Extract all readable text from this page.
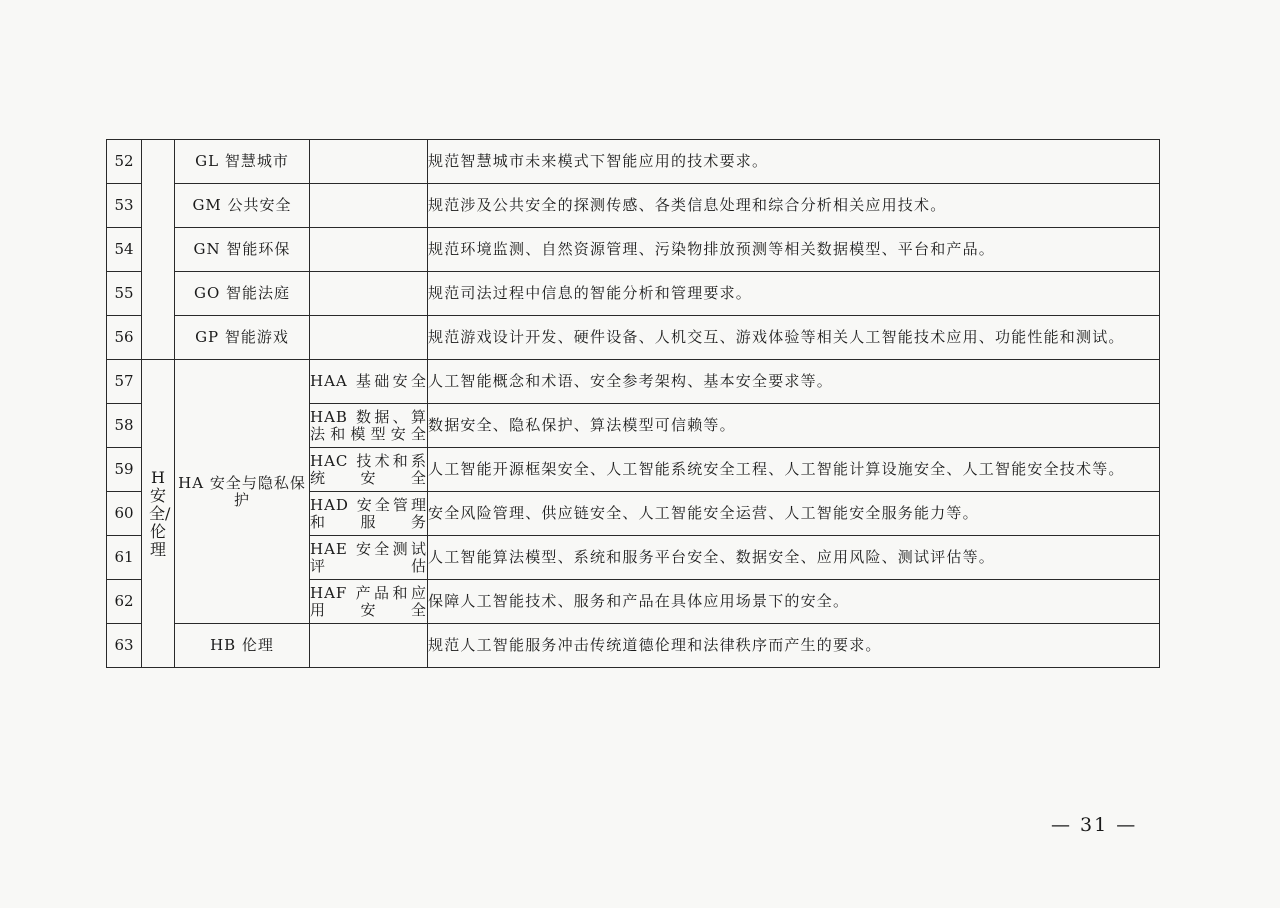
52		GL 智慧城市		规范智慧城市未来模式下智能应用的技术要求。
53		GM 公共安全		规范涉及公共安全的探测传感、各类信息处理和综合分析相关应用技术。
54		GN 智能环保		规范环境监测、自然资源管理、污染物排放预测等相关数据模型、平台和产品。
55		GO 智能法庭		规范司法过程中信息的智能分析和管理要求。
56		GP 智能游戏		规范游戏设计开发、硬件设备、人机交互、游戏体验等相关人工智能技术应用、功能性能和测试。
57	H安全/伦理	HA 安全与隐私保护	HAA 基础安全	人工智能概念和术语、安全参考架构、基本安全要求等。
58			HAB 数据、算法和模型安全	数据安全、隐私保护、算法模型可信赖等。
59			HAC 技术和系统安全	人工智能开源框架安全、人工智能系统安全工程、人工智能计算设施安全、人工智能安全技术等。
60			HAD 安全管理和服务	安全风险管理、供应链安全、人工智能安全运营、人工智能安全服务能力等。
61			HAE 安全测试评估	人工智能算法模型、系统和服务平台安全、数据安全、应用风险、测试评估等。
62			HAF 产品和应用安全	保障人工智能技术、服务和产品在具体应用场景下的安全。
63		HB 伦理		规范人工智能服务冲击传统道德伦理和法律秩序而产生的要求。
— 31 —
